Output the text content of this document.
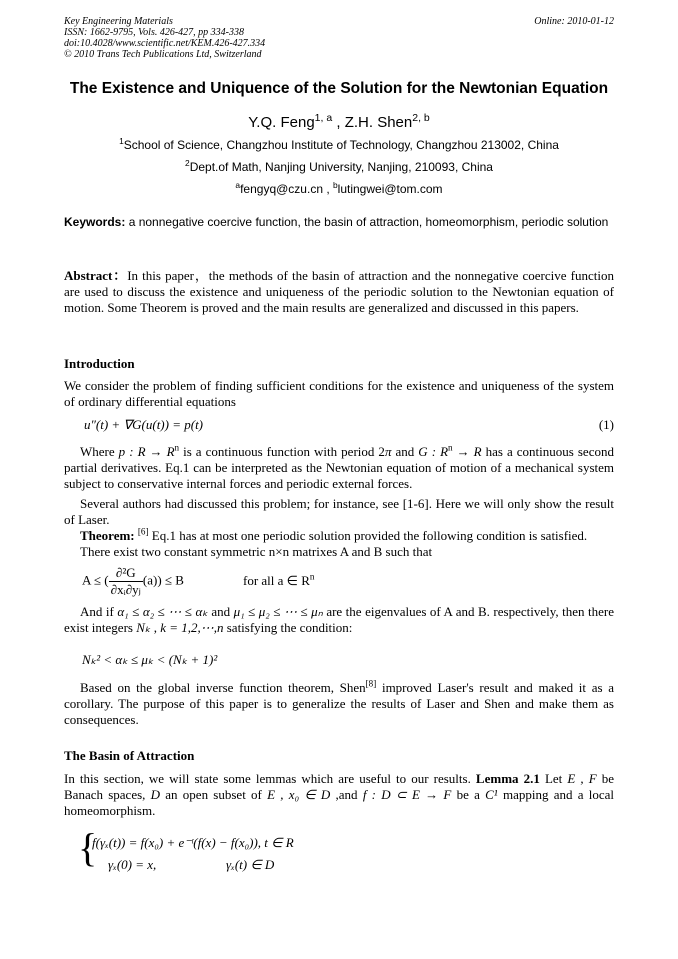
Key Engineering Materials
ISSN: 1662-9795, Vols. 426-427, pp 334-338
doi:10.4028/www.scientific.net/KEM.426-427.334
© 2010 Trans Tech Publications Ltd, Switzerland
Online: 2010-01-12
The Existence and Uniquence of the Solution for the Newtonian Equation
Y.Q. Feng$^{1, a}$ , Z.H. Shen$^{2, b}$
$^1$School of Science, Changzhou Institute of Technology, Changzhou 213002, China
$^2$Dept.of Math, Nanjing University, Nanjing, 210093, China
$^a$fengyq@czu.cn , $^b$lutingwei@tom.com
Keywords: a nonnegative coercive function, the basin of attraction, homeomorphism, periodic solution
Abstract：In this paper，the methods of the basin of attraction and the nonnegative coercive function are used to discuss the existence and uniqueness of the periodic solution to the Newtonian equation of motion. Some Theorem is proved and the main results are generalized and discussed in this papers.
Introduction
We consider the problem of finding sufficient conditions for the existence and uniqueness of the system of ordinary differential equations
u″(t) + ∇G(u(t)) = p(t)	(1)
Where p : $R \to R^n$ is a continuous function with period 2π and G : $R^n \to R$ has a continuous second partial derivatives. Eq.1 can be interpreted as the Newtonian equation of motion of a mechanical system subject to conservative internal forces and periodic external forces.
Several authors had discussed this problem; for instance, see [1-6]. Here we will only show the result of Laser.
Theorem: [6] Eq.1 has at most one periodic solution provided the following condition is satisfied.
There exist two constant symmetric n×n matrixes A and B such that
A ≤ ( $\frac{\text{∂²G}}{\text{∂xᵢ∂yⱼ}} (a)) \le B$	for all a ∈ $R^n$
And if α₁ ≤ α₂ ≤ ⋯ ≤ αₖ and μ₁ ≤ μ₂ ≤ ⋯ ≤ μₙ are the eigenvalues of A and B. respectively, then there exist integers Nₖ , k = 1,2,⋯,n satisfying the condition:
Nₖ² < αₖ ≤ μₖ < (Nₖ + 1)²
Based on the global inverse function theorem, Shen[8] improved Laser's result and maked it as a corollary. The purpose of this paper is to generalize the results of Laser and Shen and make them as consequences.
The Basin of Attraction
In this section, we will state some lemmas which are useful to our results. Lemma 2.1 Let E , F be Banach spaces, D an open subset of E , x₀ ∈ D ,and f : D ⊂ E → F be a C¹ mapping and a local homeomorphism.
{
f(γₓ(t)) = f(x₀) + e⁻ᵗ(f(x) − f(x₀)), t ∈ R
γₓ(0) = x,	γₓ(t) ∈ D
